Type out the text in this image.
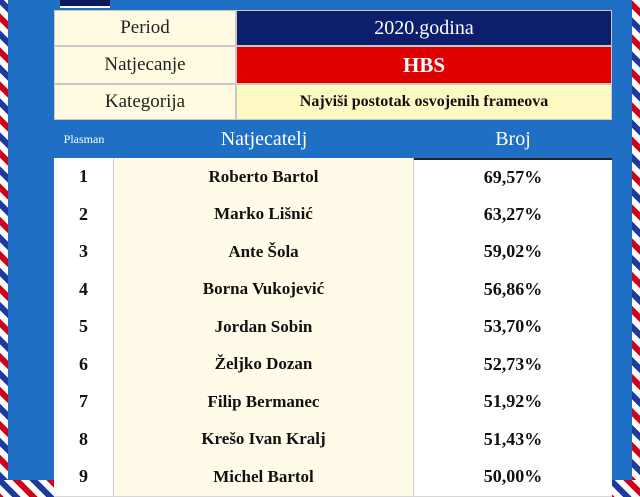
Period	2020.godina
Natjecanje	HBS
Kategorija	Najviši postotak osvojenih frameova
Plasman	Natjecatelj	Broj
1	Roberto Bartol	69,57%
2	Marko Lišnić	63,27%
3	Ante Šola	59,02%
4	Borna Vukojević	56,86%
5	Jordan Sobin	53,70%
6	Željko Dozan	52,73%
7	Filip Bermanec	51,92%
8	Krešo Ivan Kralj	51,43%
9	Michel Bartol	50,00%
